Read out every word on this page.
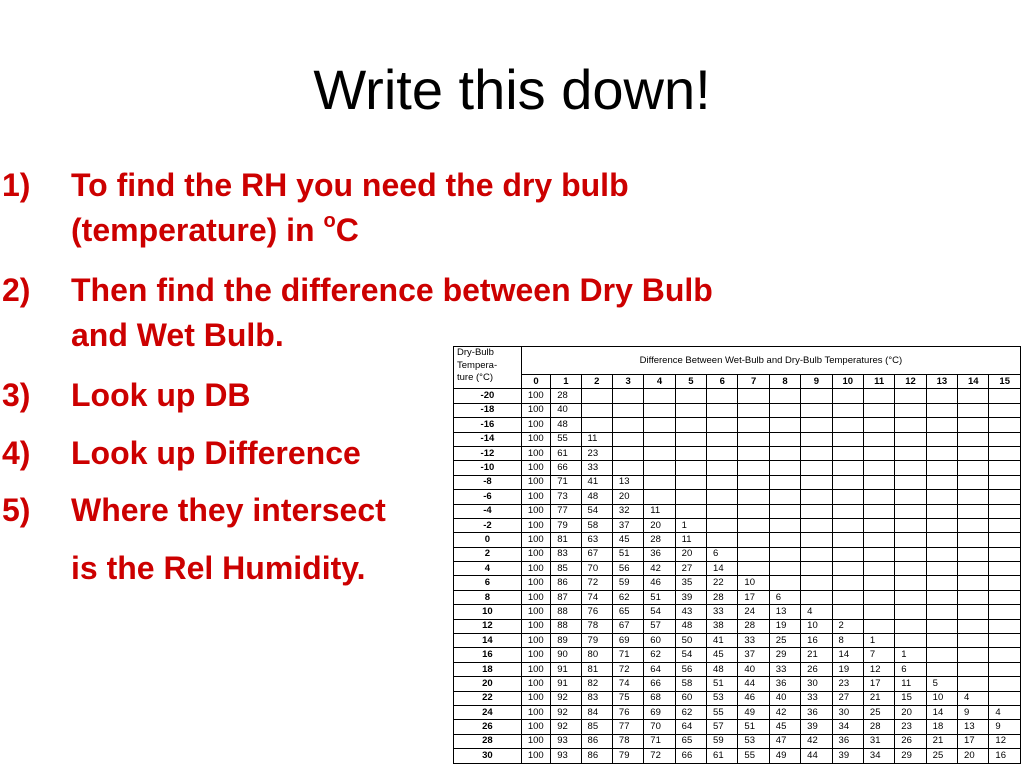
Write this down!
1) To find the RH you need the dry bulb
(temperature) in $^o$C
2) Then find the difference between Dry Bulb
and Wet Bulb.
3) Look up DB
4) Look up Difference
5) Where they intersect
is the Rel Humidity.
Dry-Bulb
Tempera-
ture (°C)	Difference Between Wet-Bulb and Dry-Bulb Temperatures (°C)															
	0	1	2	3	4	5	6	7	8	9	10	11	12	13	14	15
-20	100	28														
-18	100	40														
-16	100	48														
-14	100	55	11													
-12	100	61	23													
-10	100	66	33													
-8	100	71	41	13												
-6	100	73	48	20												
-4	100	77	54	32	11											
-2	100	79	58	37	20	1										
0	100	81	63	45	28	11										
2	100	83	67	51	36	20	6									
4	100	85	70	56	42	27	14									
6	100	86	72	59	46	35	22	10								
8	100	87	74	62	51	39	28	17	6							
10	100	88	76	65	54	43	33	24	13	4						
12	100	88	78	67	57	48	38	28	19	10	2					
14	100	89	79	69	60	50	41	33	25	16	8	1				
16	100	90	80	71	62	54	45	37	29	21	14	7	1			
18	100	91	81	72	64	56	48	40	33	26	19	12	6			
20	100	91	82	74	66	58	51	44	36	30	23	17	11	5		
22	100	92	83	75	68	60	53	46	40	33	27	21	15	10	4	
24	100	92	84	76	69	62	55	49	42	36	30	25	20	14	9	4
26	100	92	85	77	70	64	57	51	45	39	34	28	23	18	13	9
28	100	93	86	78	71	65	59	53	47	42	36	31	26	21	17	12
30	100	93	86	79	72	66	61	55	49	44	39	34	29	25	20	16
